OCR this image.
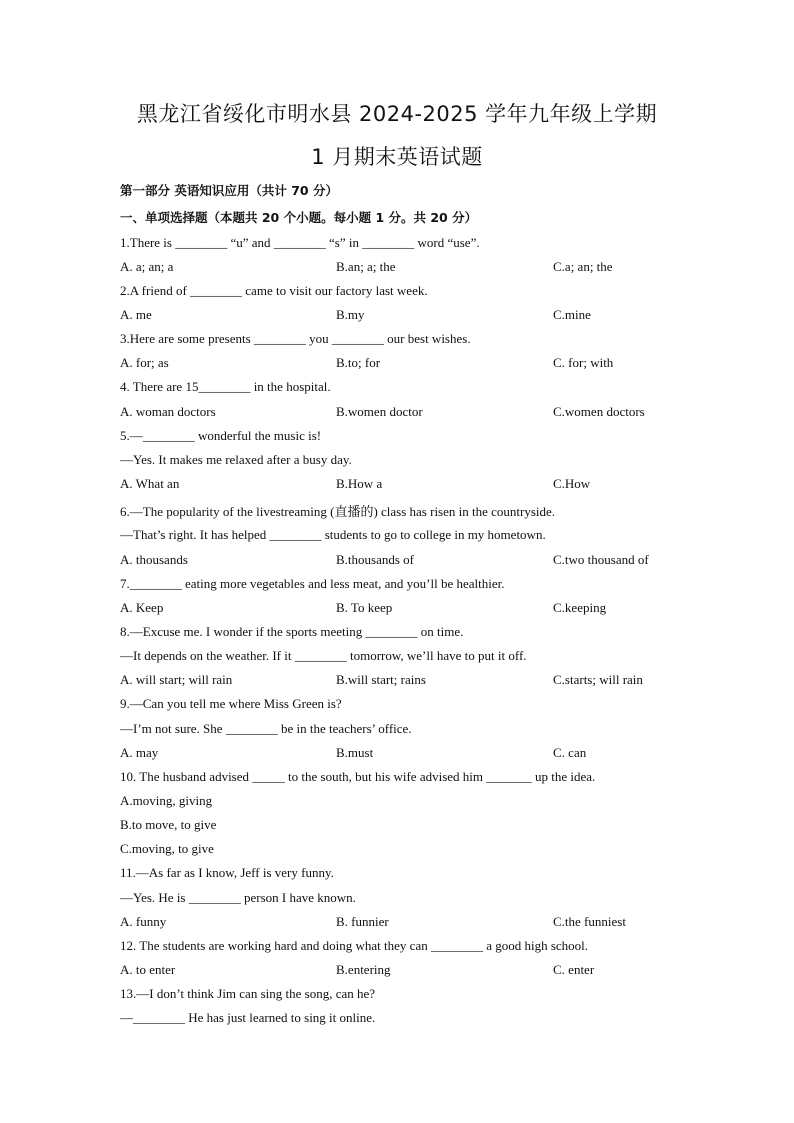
黑龙江省绥化市明水县 2024-2025 学年九年级上学期
1 月期末英语试题
第一部分 英语知识应用（共计 70 分）
一、单项选择题（本题共 20 个小题。每小题 1 分。共 20 分）
1.There is ________ “u” and ________ “s” in ________ word “use”.
A. a; an; a	B.an; a; the	C.a; an; the
2.A friend of ________ came to visit our factory last week.
A. me	B.my	C.mine
3.Here are some presents ________ you ________ our best wishes.
A. for; as	B.to; for	C. for; with
4. There are 15________ in the hospital.
A. woman doctors	B.women doctor	C.women doctors
5.—________ wonderful the music is!
—Yes. It makes me relaxed after a busy day.
A. What an	B.How a	C.How
6.—The popularity of the livestreaming (直播的) class has risen in the countryside.
—That’s right. It has helped ________ students to go to college in my hometown.
A. thousands	B.thousands of	C.two thousand of
7.________ eating more vegetables and less meat, and you’ll be healthier.
A. Keep	B. To keep	C.keeping
8.—Excuse me. I wonder if the sports meeting ________ on time.
—It depends on the weather. If it ________ tomorrow, we’ll have to put it off.
A. will start; will rain	B.will start; rains	C.starts; will rain
9.—Can you tell me where Miss Green is?
—I’m not sure. She ________ be in the teachers’ office.
A. may	B.must	C. can
10. The husband advised _____ to the south, but his wife advised him _______ up the idea.
A.moving, giving
B.to move, to give
C.moving, to give
11.—As far as I know, Jeff is very funny.
—Yes. He is ________ person I have known.
A. funny	B. funnier	C.the funniest
12. The students are working hard and doing what they can ________ a good high school.
A. to enter	B.entering	C. enter
13.—I don’t think Jim can sing the song, can he?
—________ He has just learned to sing it online.
